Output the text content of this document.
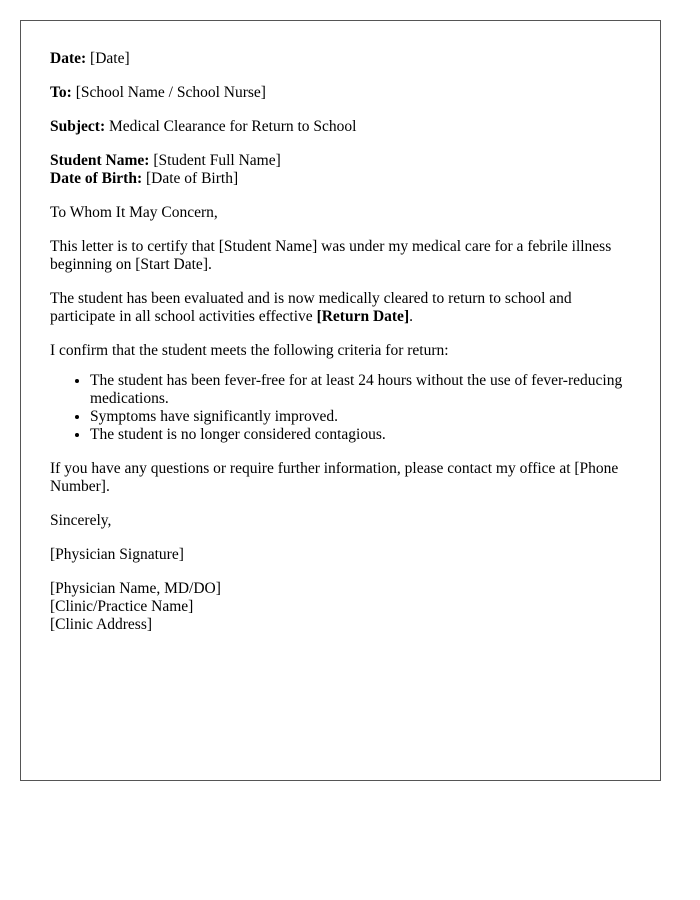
Date: [Date]

To: [School Name / School Nurse]

Subject: Medical Clearance for Return to School

Student Name: [Student Full Name]

Date of Birth: [Date of Birth]

To Whom It May Concern,

This letter is to certify that [Student Name] was under my medical care for a febrile illness beginning on [Start Date].

The student has been evaluated and is now medically cleared to return to school and participate in all school activities effective [Return Date].

I confirm that the student meets the following criteria for return:

• The student has been fever-free for at least 24 hours without the use of fever-reducing medications.
• Symptoms have significantly improved.
• The student is no longer considered contagious.

If you have any questions or require further information, please contact my office at [Phone Number].

Sincerely,

[Physician Signature]

[Physician Name, MD/DO]
[Clinic/Practice Name]
[Clinic Address]
